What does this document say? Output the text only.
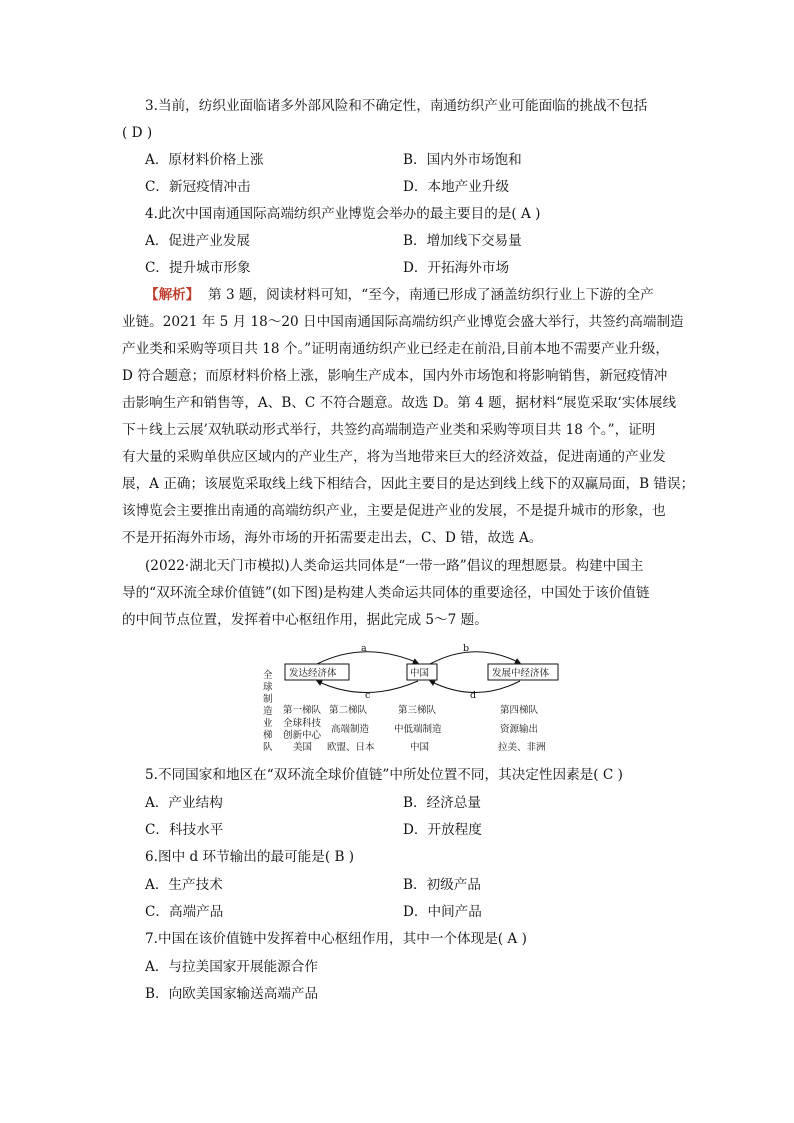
3.当前，纺织业面临诸多外部风险和不确定性，南通纺织产业可能面临的挑战不包括
( D )
A．原材料价格上涨	B．国内外市场饱和
C．新冠疫情冲击	D．本地产业升级
4.此次中国南通国际高端纺织产业博览会举办的最主要目的是( A )
A．促进产业发展	B．增加线下交易量
C．提升城市形象	D．开拓海外市场
【解析】 第 3 题，阅读材料可知，“至今，南通已形成了涵盖纺织行业上下游的全产
业链。2021 年 5 月 18～20 日中国南通国际高端纺织产业博览会盛大举行，共签约高端制造
产业类和采购等项目共 18 个。”证明南通纺织产业已经走在前沿,目前本地不需要产业升级，
D 符合题意；而原材料价格上涨，影响生产成本，国内外市场饱和将影响销售，新冠疫情冲
击影响生产和销售等，A、B、C 不符合题意。故选 D。第 4 题，据材料“展览采取‘实体展线
下＋线上云展’双轨联动形式举行，共签约高端制造产业类和采购等项目共 18 个。”，证明
有大量的采购单供应区域内的产业生产，将为当地带来巨大的经济效益，促进南通的产业发
展，A 正确；该展览采取线上线下相结合，因此主要目的是达到线上线下的双赢局面，B 错误；
该博览会主要推出南通的高端纺织产业，主要是促进产业的发展，不是提升城市的形象，也
不是开拓海外市场，海外市场的开拓需要走出去，C、D 错，故选 A。
(2022·湖北天门市模拟)人类命运共同体是“一带一路”倡议的理想愿景。构建中国主
导的“双环流全球价值链”(如下图)是构建人类命运共同体的重要途径，中国处于该价值链
的中间节点位置，发挥着中心枢纽作用，据此完成 5～7 题。
全
球
制
造
业
梯
队
发达经济体	中国	发展中经济体
a	b
c	d
第一梯队
全球科技
创新中心
美国
第二梯队
高端制造
欧盟、日本
第三梯队
中低端制造
中国
第四梯队
资源输出
拉美、非洲
5.不同国家和地区在“双环流全球价值链”中所处位置不同，其决定性因素是( C )
A．产业结构	B．经济总量
C．科技水平	D．开放程度
6.图中 d 环节输出的最可能是( B )
A．生产技术	B．初级产品
C．高端产品	D．中间产品
7.中国在该价值链中发挥着中心枢纽作用，其中一个体现是( A )
A．与拉美国家开展能源合作
B．向欧美国家输送高端产品
